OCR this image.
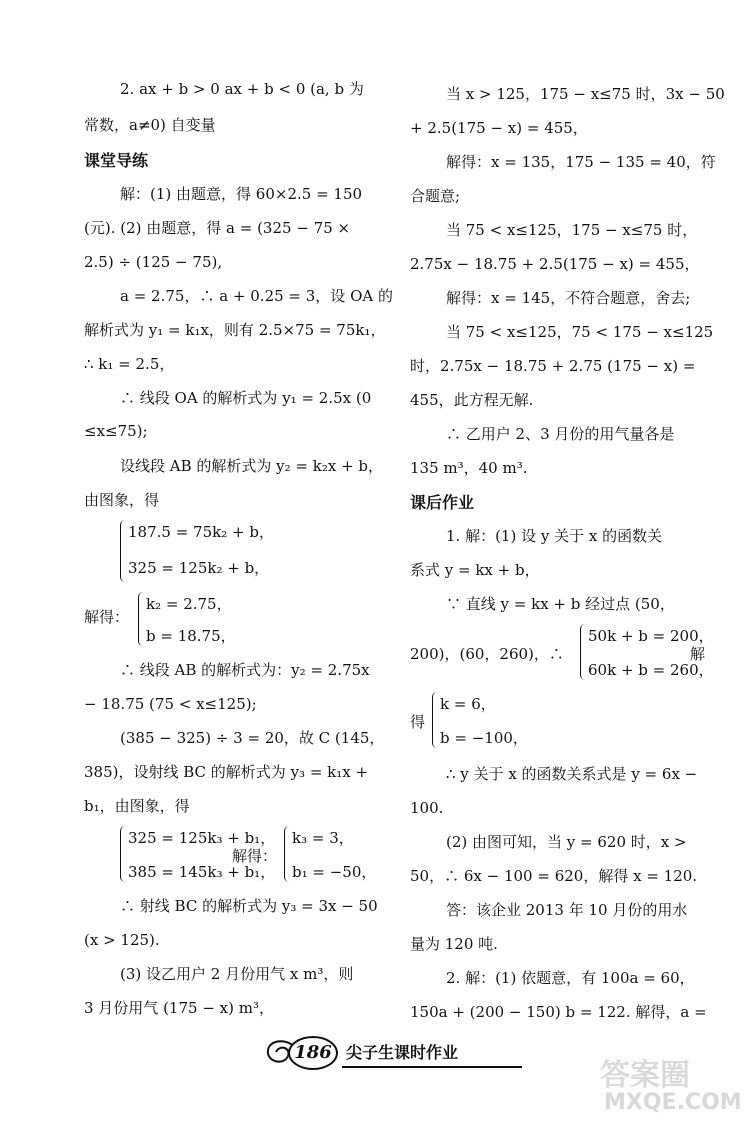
2. ax + b > 0 ax + b < 0 (a, b 为
常数，a≠0) 自变量
课堂导练
解：(1) 由题意，得 60×2.5 = 150
(元). (2) 由题意，得 a = (325 − 75 ×
2.5) ÷ (125 − 75),
a = 2.75，∴ a + 0.25 = 3，设 OA 的
解析式为 y₁ = k₁x，则有 2.5×75 = 75k₁，
∴ k₁ = 2.5，
∴ 线段 OA 的解析式为 y₁ = 2.5x (0
≤x≤75);
设线段 AB 的解析式为 y₂ = k₂x + b，
由图象，得
187.5 = 75k₂ + b，
325 = 125k₂ + b，
解得：
k₂ = 2.75，
b = 18.75，
∴ 线段 AB 的解析式为：y₂ = 2.75x
− 18.75 (75 < x≤125);
(385 − 325) ÷ 3 = 20，故 C (145，
385)，设射线 BC 的解析式为 y₃ = k₁x +
b₁，由图象，得
325 = 125k₃ + b₁，
385 = 145k₃ + b₁，
解得：
k₃ = 3，
b₁ = −50，
∴ 射线 BC 的解析式为 y₃ = 3x − 50
(x > 125).
(3) 设乙用户 2 月份用气 x m³，则
3 月份用气 (175 − x) m³，
当 x > 125，175 − x≤75 时，3x − 50
+ 2.5(175 − x) = 455，
解得：x = 135，175 − 135 = 40，符
合题意;
当 75 < x≤125，175 − x≤75 时，
2.75x − 18.75 + 2.5(175 − x) = 455，
解得：x = 145，不符合题意，舍去;
当 75 < x≤125，75 < 175 − x≤125
时，2.75x − 18.75 + 2.75 (175 − x) =
455，此方程无解.
∴ 乙用户 2、3 月份的用气量各是
135 m³，40 m³.
课后作业
1. 解：(1) 设 y 关于 x 的函数关
系式 y = kx + b，
∵ 直线 y = kx + b 经过点 (50，
200)，(60，260)，∴
50k + b = 200，
60k + b = 260，
解
得
k = 6，
b = −100，
∴ y 关于 x 的函数关系式是 y = 6x −
100.
(2) 由图可知，当 y = 620 时，x >
50，∴ 6x − 100 = 620，解得 x = 120.
答：该企业 2013 年 10 月份的用水
量为 120 吨.
2. 解：(1) 依题意，有 100a = 60，
150a + (200 − 150) b = 122. 解得，a =
186 尖子生课时作业
答案圈
MXQE.COM
